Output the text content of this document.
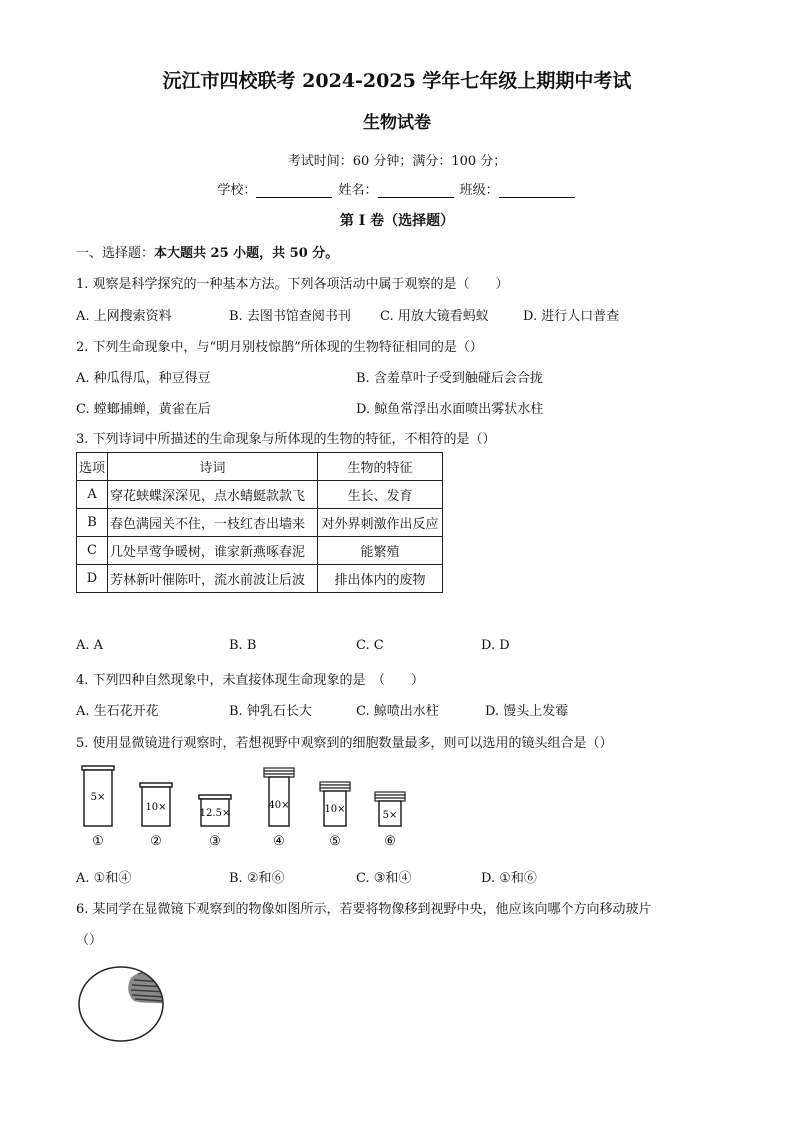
沅江市四校联考 2024-2025 学年七年级上期期中考试
生物试卷
考试时间：60 分钟；满分：100 分；
学校：	姓名：	班级：
第 I 卷（选择题）
一、选择题：本大题共 25 小题，共 50 分。
1. 观察是科学探究的一种基本方法。下列各项活动中属于观察的是（　　）
A. 上网搜索资料	B. 去图书馆查阅书刊 C. 用放大镜看蚂蚁	D. 进行人口普查
2. 下列生命现象中，与“明月别枝惊鹊”所体现的生物特征相同的是（）
A. 种瓜得瓜，种豆得豆	B. 含羞草叶子受到触碰后会合拢
C. 螳螂捕蝉，黄雀在后	D. 鲸鱼常浮出水面喷出雾状水柱
3. 下列诗词中所描述的生命现象与所体现的生物的特征，不相符的是（）
选项	诗词	生物的特征
A	穿花蛱蝶深深见，点水蜻蜓款款飞	生长、发育
B	春色满园关不住，一枝红杏出墙来	对外界刺激作出反应
C	几处早莺争暖树，谁家新燕啄春泥	能繁殖
D	芳林新叶催陈叶，流水前波让后波	排出体内的废物
A. A	B. B	C. C	D. D
4. 下列四种自然现象中，未直接体现生命现象的是　（　　）
A. 生石花开花	B. 钟乳石长大	C. 鲸喷出水柱	D. 馒头上发霉
5. 使用显微镜进行观察时，若想视野中观察到的细胞数量最多，则可以选用的镜头组合是（）
5×
①
10×
②
12.5×
③
40×
④
10×
⑤
5×
⑥
A. ①和④	B. ②和⑥	C. ③和④	D. ①和⑥
6. 某同学在显微镜下观察到的物像如图所示，若要将物像移到视野中央，他应该向哪个方向移动玻片
（）
